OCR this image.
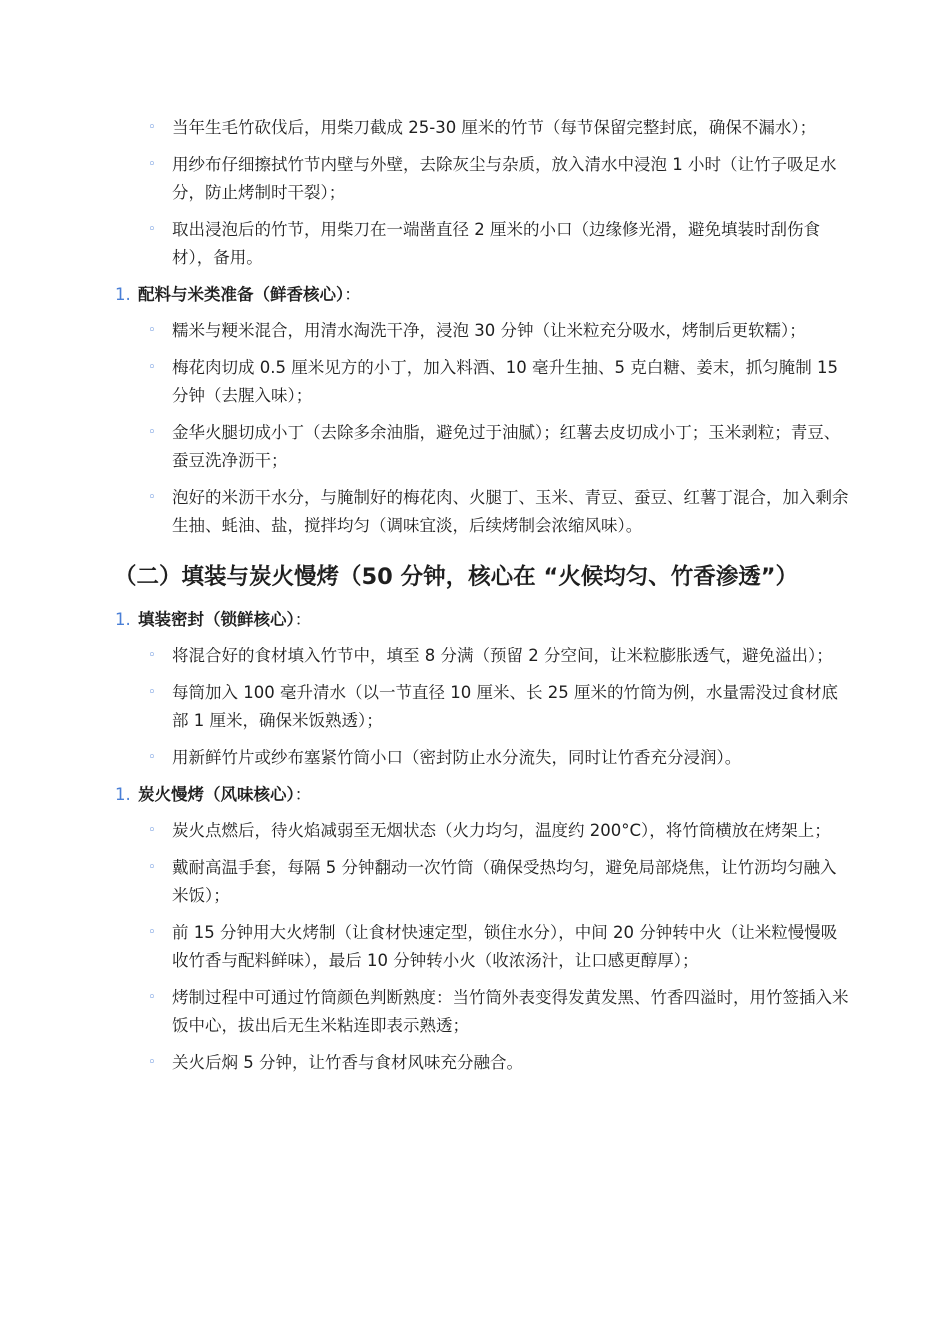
◦ 当年生毛竹砍伐后，用柴刀截成 25-30 厘米的竹节（每节保留完整封底，确保不漏水）；
◦ 用纱布仔细擦拭竹节内壁与外壁，去除灰尘与杂质，放入清水中浸泡 1 小时（让竹子吸足水分，防止烤制时干裂）；
◦ 取出浸泡后的竹节，用柴刀在一端凿直径 2 厘米的小口（边缘修光滑，避免填装时刮伤食材），备用。
1. 配料与米类准备（鲜香核心）：
◦ 糯米与粳米混合，用清水淘洗干净，浸泡 30 分钟（让米粒充分吸水，烤制后更软糯）；
◦ 梅花肉切成 0.5 厘米见方的小丁，加入料酒、10 毫升生抽、5 克白糖、姜末，抓匀腌制 15 分钟（去腥入味）；
◦ 金华火腿切成小丁（去除多余油脂，避免过于油腻）；红薯去皮切成小丁；玉米剥粒；青豆、蚕豆洗净沥干；
◦ 泡好的米沥干水分，与腌制好的梅花肉、火腿丁、玉米、青豆、蚕豆、红薯丁混合，加入剩余生抽、蚝油、盐，搅拌均匀（调味宜淡，后续烤制会浓缩风味）。
（二）填装与炭火慢烤（50 分钟，核心在 “火候均匀、竹香渗透”）
1. 填装密封（锁鲜核心）：
◦ 将混合好的食材填入竹节中，填至 8 分满（预留 2 分空间，让米粒膨胀透气，避免溢出）；
◦ 每筒加入 100 毫升清水（以一节直径 10 厘米、长 25 厘米的竹筒为例，水量需没过食材底部 1 厘米，确保米饭熟透）；
◦ 用新鲜竹片或纱布塞紧竹筒小口（密封防止水分流失，同时让竹香充分浸润）。
1. 炭火慢烤（风味核心）：
◦ 炭火点燃后，待火焰减弱至无烟状态（火力均匀，温度约 200°C），将竹筒横放在烤架上；
◦ 戴耐高温手套，每隔 5 分钟翻动一次竹筒（确保受热均匀，避免局部烧焦，让竹沥均匀融入米饭）；
◦ 前 15 分钟用大火烤制（让食材快速定型，锁住水分），中间 20 分钟转中火（让米粒慢慢吸收竹香与配料鲜味），最后 10 分钟转小火（收浓汤汁，让口感更醇厚）；
◦ 烤制过程中可通过竹筒颜色判断熟度：当竹筒外表变得发黄发黑、竹香四溢时，用竹签插入米饭中心，拔出后无生米粘连即表示熟透；
◦ 关火后焖 5 分钟，让竹香与食材风味充分融合。
